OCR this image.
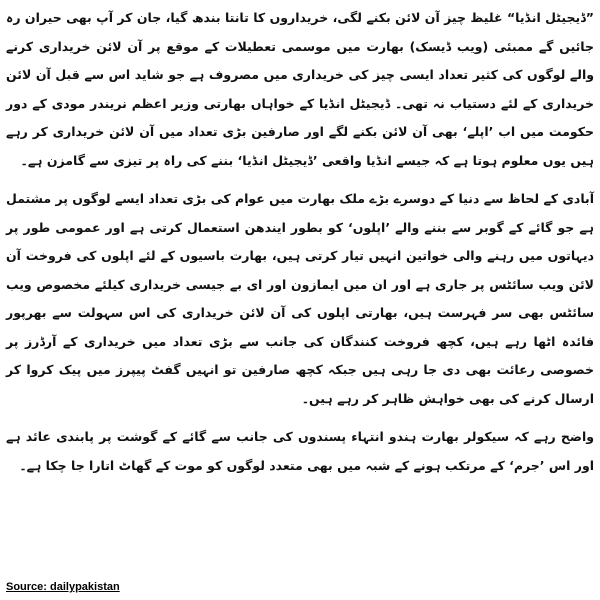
”ڈیجیٹل انڈیا“ غلیظ چیز آن لائن بکنے لگی، خریداروں کا تانتا بندھ گیا، جان کر آپ بھی حیران رہ جائیں گے ممبئی (ویب ڈیسک) بھارت میں موسمی تعطیلات کے موقع پر آن لائن خریداری کرنے والے لوگوں کی کثیر تعداد ایسی چیز کی خریداری میں مصروف ہے جو شاید اس سے قبل آن لائن خریداری کے لئے دستیاب نہ تھی۔ ڈیجیٹل انڈیا کے خواہاں بھارتی وزیر اعظم نریندر مودی کے دور حکومت میں اب ’اپلے‘ بھی آن لائن بکنے لگے اور صارفین بڑی تعداد میں آن لائن خریداری کر رہے ہیں یوں معلوم ہوتا ہے کہ جیسے انڈیا واقعی ’ڈیجیٹل انڈیا‘ بننے کی راہ پر تیزی سے گامزن ہے۔

آبادی کے لحاظ سے دنیا کے دوسرے بڑے ملک بھارت میں عوام کی بڑی تعداد ایسے لوگوں پر مشتمل ہے جو گائے کے گوبر سے بننے والے ’اپلوں‘ کو بطور ایندھن استعمال کرتی ہے اور عمومی طور پر دیہاتوں میں رہنے والی خواتین انہیں تیار کرتی ہیں، بھارت باسیوں کے لئے اپلوں کی فروخت آن لائن ویب سائٹس پر جاری ہے اور ان میں ایمازون اور ای بے جیسی خریداری کیلئے مخصوص ویب سائٹس بھی سر فہرست ہیں، بھارتی اپلوں کی آن لائن خریداری کی اس سہولت سے بھرپور فائدہ اٹھا رہے ہیں، کچھ فروخت کنندگان کی جانب سے بڑی تعداد میں خریداری کے آرڈرز پر خصوصی رعائت بھی دی جا رہی ہیں جبکہ کچھ صارفین تو انہیں گفٹ پیپرز میں پیک کروا کر ارسال کرنے کی بھی خواہش ظاہر کر رہے ہیں۔

واضح رہے کہ سیکولر بھارت ہندو انتہاء پسندوں کی جانب سے گائے کے گوشت پر پابندی عائد ہے اور اس ’جرم‘ کے مرتکب ہونے کے شبہ میں بھی متعدد لوگوں کو موت کے گھاٹ اتارا جا چکا ہے۔

Source: dailypakistan
